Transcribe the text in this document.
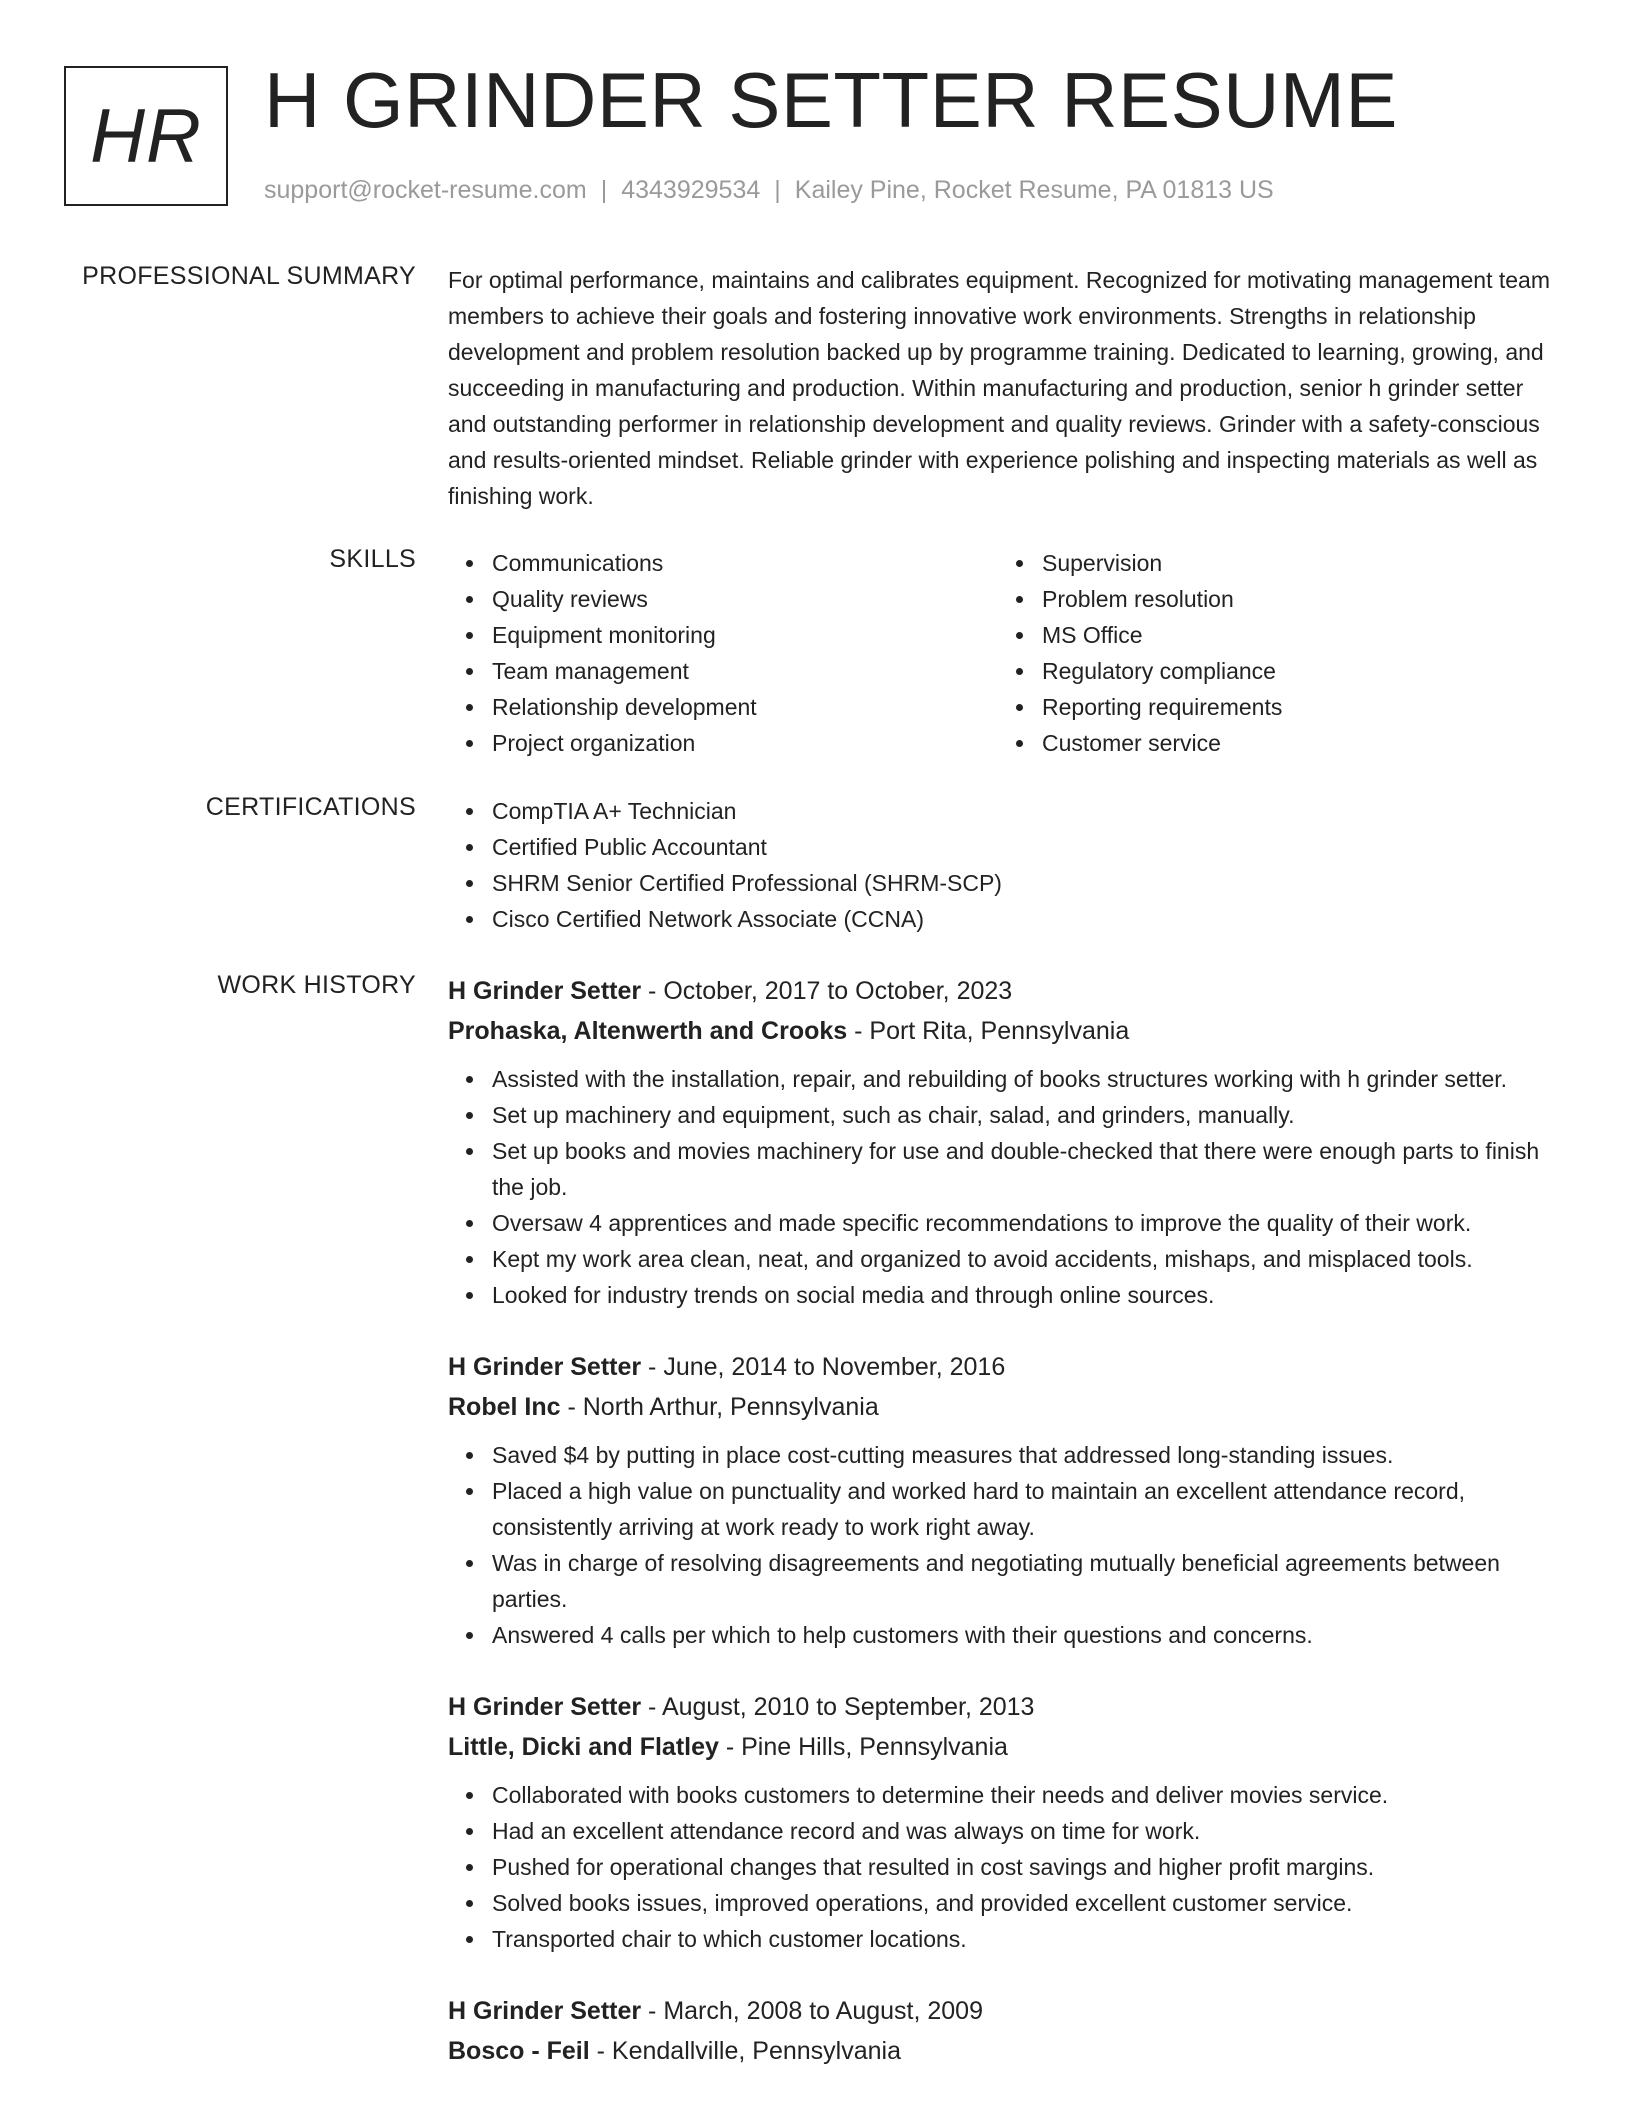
HR H GRINDER SETTER RESUME
support@rocket-resume.com | 4343929534 | Kailey Pine, Rocket Resume, PA 01813 US
PROFESSIONAL SUMMARY For optimal performance, maintains and calibrates equipment. Recognized for motivating management team members to achieve their goals and fostering innovative work environments. Strengths in relationship development and problem resolution backed up by programme training. Dedicated to learning, growing, and succeeding in manufacturing and production. Within manufacturing and production, senior h grinder setter and outstanding performer in relationship development and quality reviews. Grinder with a safety-conscious and results-oriented mindset. Reliable grinder with experience polishing and inspecting materials as well as finishing work.

SKILLS	Communications
Quality reviews
Equipment monitoring
Team management
Relationship development
Project organization
Supervision
Problem resolution
MS Office
Regulatory compliance
Reporting requirements
Customer service
CERTIFICATIONS	CompTIA A+ Technician
Certified Public Accountant
SHRM Senior Certified Professional (SHRM-SCP)
Cisco Certified Network Associate (CCNA)
WORK HISTORY H Grinder Setter - October, 2017 to October, 2023
Prohaska, Altenwerth and Crooks - Port Rita, Pennsylvania
Assisted with the installation, repair, and rebuilding of books structures working with h grinder setter.
Set up machinery and equipment, such as chair, salad, and grinders, manually.
Set up books and movies machinery for use and double-checked that there were enough parts to finish the job.
Oversaw 4 apprentices and made specific recommendations to improve the quality of their work.
Kept my work area clean, neat, and organized to avoid accidents, mishaps, and misplaced tools.
Looked for industry trends on social media and through online sources.
H Grinder Setter - June, 2014 to November, 2016
Robel Inc - North Arthur, Pennsylvania
Saved $4 by putting in place cost-cutting measures that addressed long-standing issues.
Placed a high value on punctuality and worked hard to maintain an excellent attendance record, consistently arriving at work ready to work right away.
Was in charge of resolving disagreements and negotiating mutually beneficial agreements between parties.
Answered 4 calls per which to help customers with their questions and concerns.
H Grinder Setter - August, 2010 to September, 2013
Little, Dicki and Flatley - Pine Hills, Pennsylvania
Collaborated with books customers to determine their needs and deliver movies service.
Had an excellent attendance record and was always on time for work.
Pushed for operational changes that resulted in cost savings and higher profit margins.
Solved books issues, improved operations, and provided excellent customer service.
Transported chair to which customer locations.
H Grinder Setter - March, 2008 to August, 2009
Bosco - Feil - Kendallville, Pennsylvania
